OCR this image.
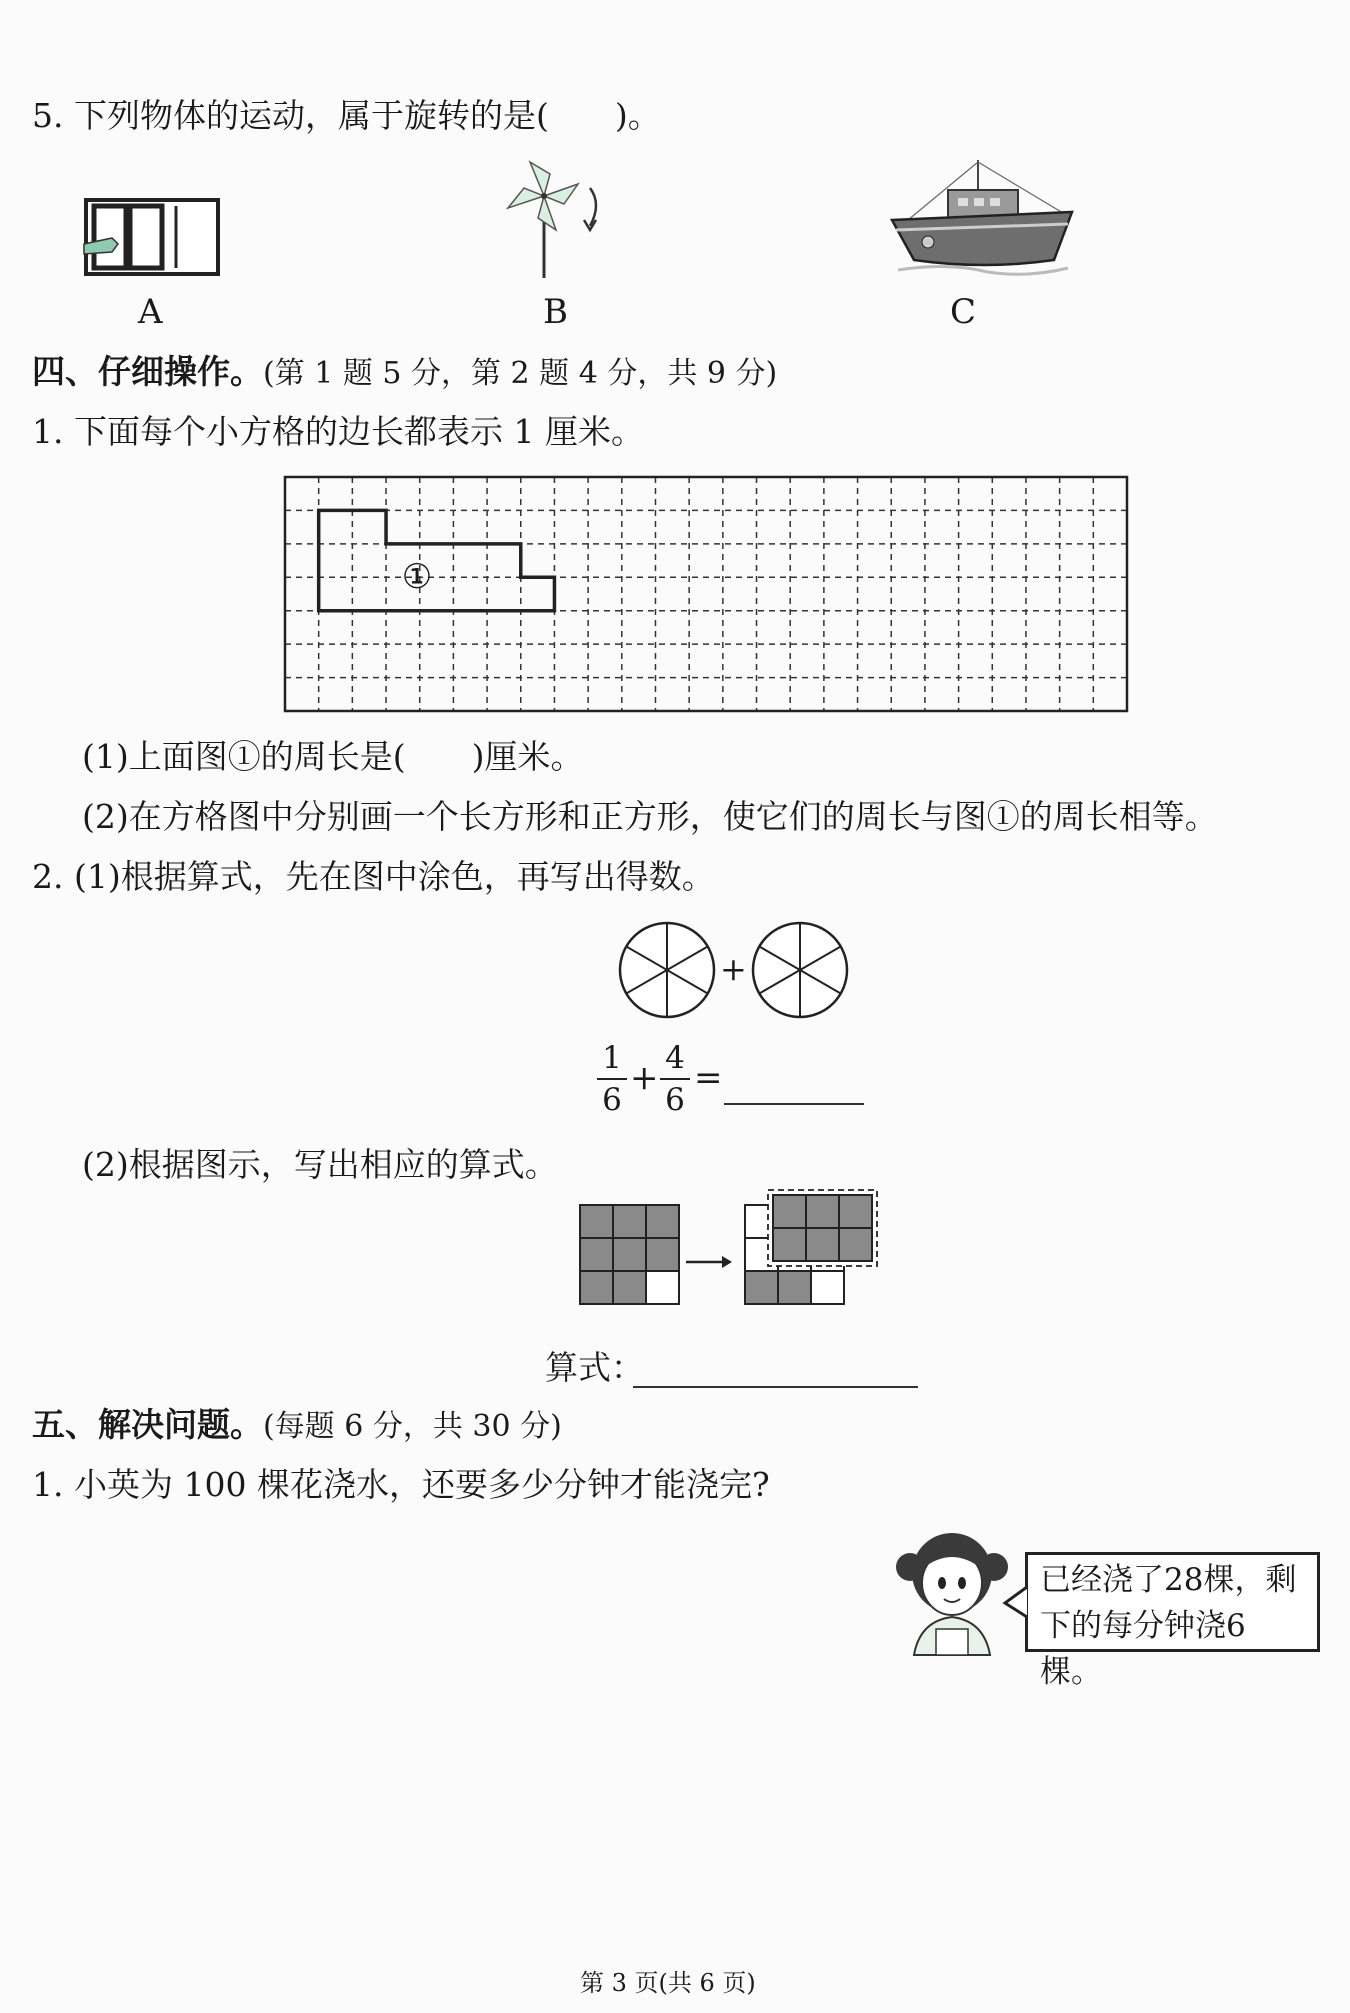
5. 下列物体的运动，属于旋转的是(　　)。
A	B	C
四、仔细操作。(第 1 题 5 分，第 2 题 4 分，共 9 分)
1. 下面每个小方格的边长都表示 1 厘米。
①
(1)上面图①的周长是(　　)厘米。
(2)在方格图中分别画一个长方形和正方形，使它们的周长与图①的周长相等。
2. (1)根据算式，先在图中涂色，再写出得数。
+
1
6
+ 4
6
=
(2)根据图示，写出相应的算式。
算式：
五、解决问题。(每题 6 分，共 30 分)
1. 小英为 100 棵花浇水，还要多少分钟才能浇完?
已经浇了28棵，剩
下的每分钟浇6棵。
第 3 页(共 6 页)
